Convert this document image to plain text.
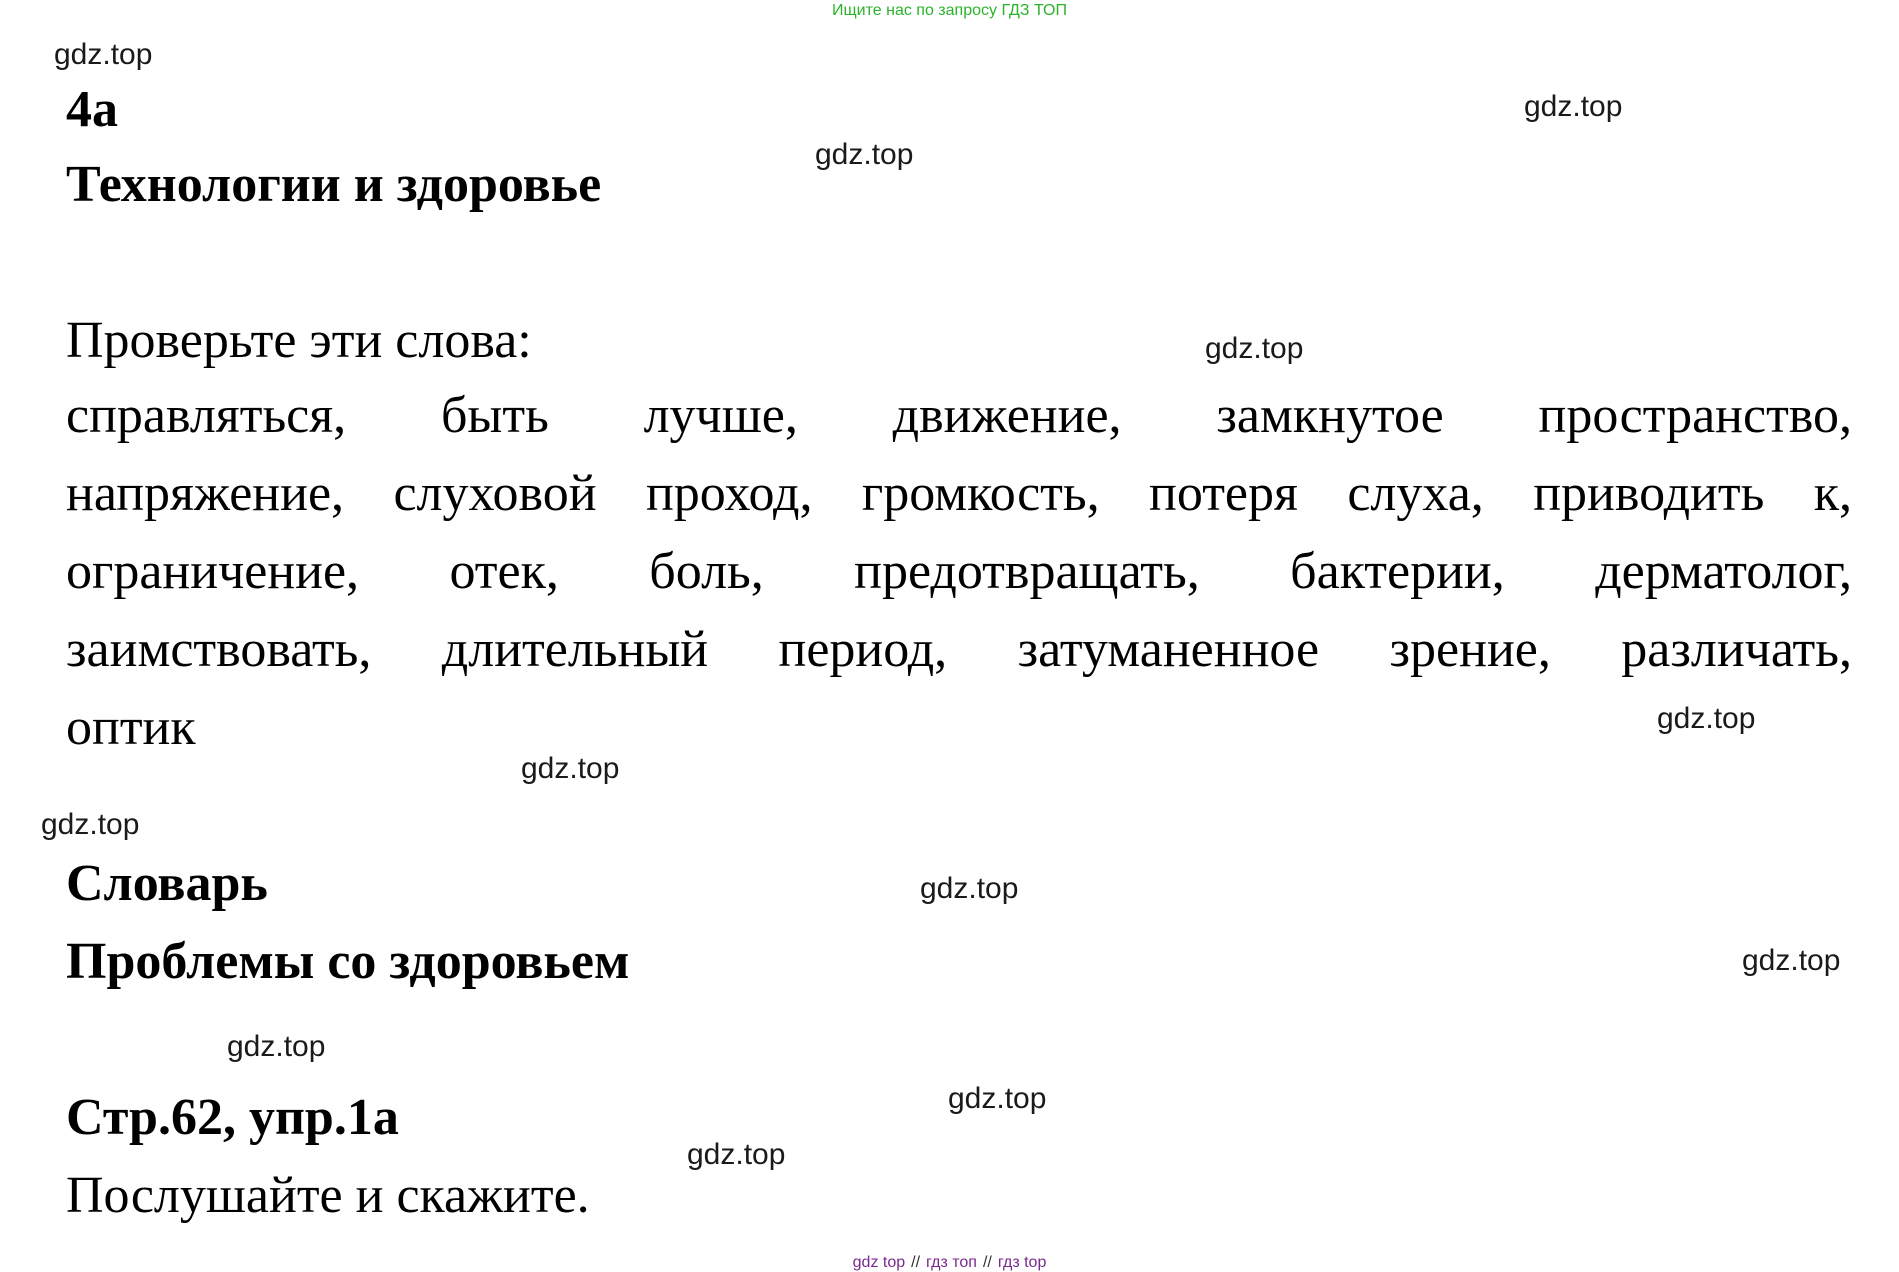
Ищите нас по запросу ГДЗ ТОП
4a
Технологии и здоровье
Проверьте эти слова:
справляться, быть лучше, движение, замкнутое пространство,
напряжение, слуховой проход, громкость, потеря слуха, приводить к,
ограничение, отек, боль, предотвращать, бактерии, дерматолог,
заимствовать, длительный период, затуманенное зрение, различать,
оптик
Словарь
Проблемы со здоровьем
Стр.62, упр.1а
Послушайте и скажите.
gdz.top
gdz.top
gdz.top
gdz.top
gdz.top
gdz.top
gdz.top
gdz.top
gdz.top
gdz.top
gdz.top
gdz.top
gdz top // гдз топ // гдз top
